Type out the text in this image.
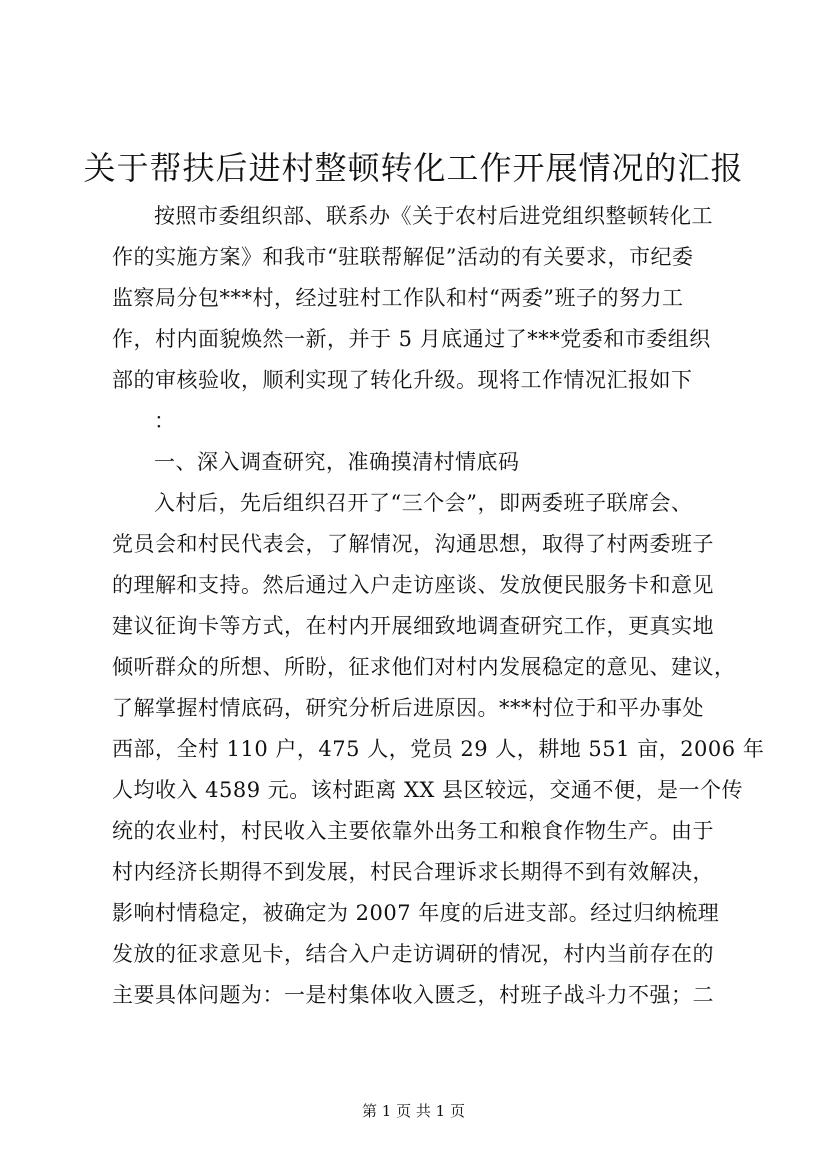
关于帮扶后进村整顿转化工作开展情况的汇报
按照市委组织部、联系办《关于农村后进党组织整顿转化工
作的实施方案》和我市“驻联帮解促”活动的有关要求，市纪委
监察局分包***村，经过驻村工作队和村“两委”班子的努力工
作，村内面貌焕然一新，并于 5 月底通过了***党委和市委组织
部的审核验收，顺利实现了转化升级。现将工作情况汇报如下
：
一、深入调查研究，准确摸清村情底码
入村后，先后组织召开了“三个会”，即两委班子联席会、
党员会和村民代表会，了解情况，沟通思想，取得了村两委班子
的理解和支持。然后通过入户走访座谈、发放便民服务卡和意见
建议征询卡等方式，在村内开展细致地调查研究工作，更真实地
倾听群众的所想、所盼，征求他们对村内发展稳定的意见、建议，
了解掌握村情底码，研究分析后进原因。***村位于和平办事处
西部，全村 110 户，475 人，党员 29 人，耕地 551 亩，2006 年
人均收入 4589 元。该村距离 XX 县区较远，交通不便，是一个传
统的农业村，村民收入主要依靠外出务工和粮食作物生产。由于
村内经济长期得不到发展，村民合理诉求长期得不到有效解决，
影响村情稳定，被确定为 2007 年度的后进支部。经过归纳梳理
发放的征求意见卡，结合入户走访调研的情况，村内当前存在的
主要具体问题为：一是村集体收入匮乏，村班子战斗力不强；二
第 1 页 共 1 页
